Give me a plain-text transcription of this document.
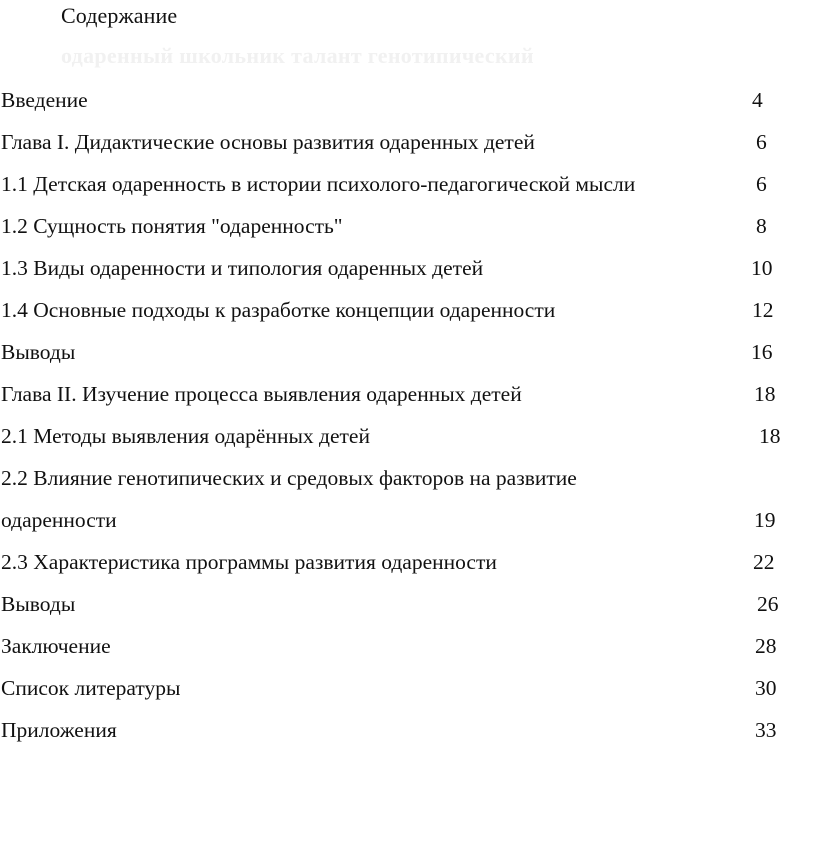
Содержание
одаренный школьник талант генотипический
Введение	4
Глава I. Дидактические основы развития одаренных детей	6
1.1 Детская одаренность в истории психолого-педагогической мысли	6
1.2 Сущность понятия "одаренность"	8
1.3 Виды одаренности и типология одаренных детей	10
1.4 Основные подходы к разработке концепции одаренности	12
Выводы	16
Глава II. Изучение процесса выявления одаренных детей	18
2.1 Методы выявления одарённых детей	18
2.2 Влияние генотипических и средовых факторов на развитие
одаренности	19
2.3 Характеристика программы развития одаренности	22
Выводы	26
Заключение	28
Список литературы	30
Приложения	33
